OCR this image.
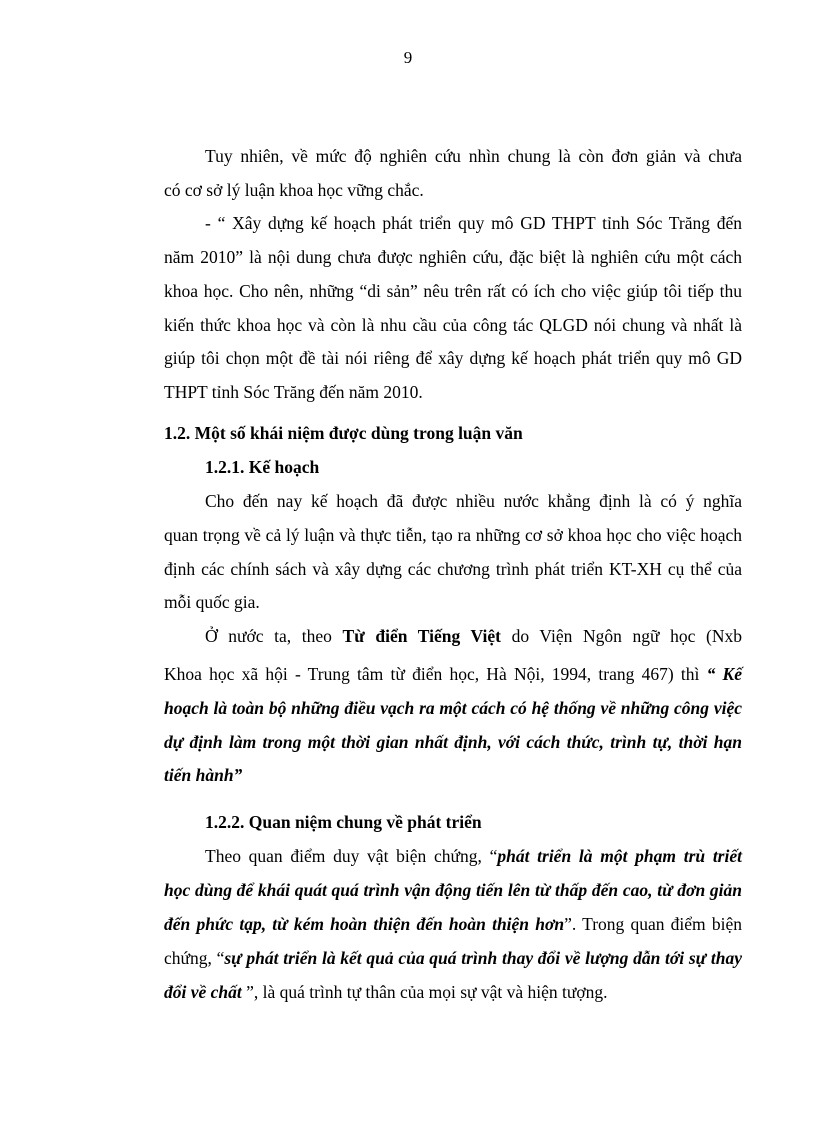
9
Tuy nhiên, về mức độ nghiên cứu nhìn chung là còn đơn giản và chưa
có cơ sở lý luận khoa học vững chắc.
- “ Xây dựng kế hoạch phát triển quy mô GD THPT tỉnh Sóc Trăng đến
năm 2010” là nội dung chưa được nghiên cứu, đặc biệt là nghiên cứu một cách
khoa học. Cho nên, những “di sản” nêu trên rất có ích cho việc giúp tôi tiếp thu
kiến thức khoa học và còn là nhu cầu của công tác QLGD nói chung và nhất là
giúp tôi chọn một đề tài nói riêng để xây dựng kế hoạch phát triển quy mô GD
THPT tỉnh Sóc Trăng đến năm 2010.
1.2. Một số khái niệm được dùng trong luận văn
1.2.1. Kế hoạch
Cho đến nay kế hoạch đã được nhiều nước khẳng định là có ý nghĩa
quan trọng về cả lý luận và thực tiễn, tạo ra những cơ sở khoa học cho việc hoạch
định các chính sách và xây dựng các chương trình phát triển KT-XH cụ thể của
mỗi quốc gia.
Ở nước ta, theo Từ điển Tiếng Việt do Viện Ngôn ngữ học (Nxb
Khoa học xã hội - Trung tâm từ điển học, Hà Nội, 1994, trang 467) thì “ Kế
hoạch là toàn bộ những điều vạch ra một cách có hệ thống về những công việc
dự định làm trong một thời gian nhất định, với cách thức, trình tự, thời hạn
tiến hành”
1.2.2. Quan niệm chung về phát triển
Theo quan điểm duy vật biện chứng, “phát triển là một phạm trù triết
học dùng để khái quát quá trình vận động tiến lên từ thấp đến cao, từ đơn giản
đến phức tạp, từ kém hoàn thiện đến hoàn thiện hơn”. Trong quan điểm biện
chứng, “sự phát triển là kết quả của quá trình thay đổi về lượng dẫn tới sự thay
đổi về chất ”, là quá trình tự thân của mọi sự vật và hiện tượng.
